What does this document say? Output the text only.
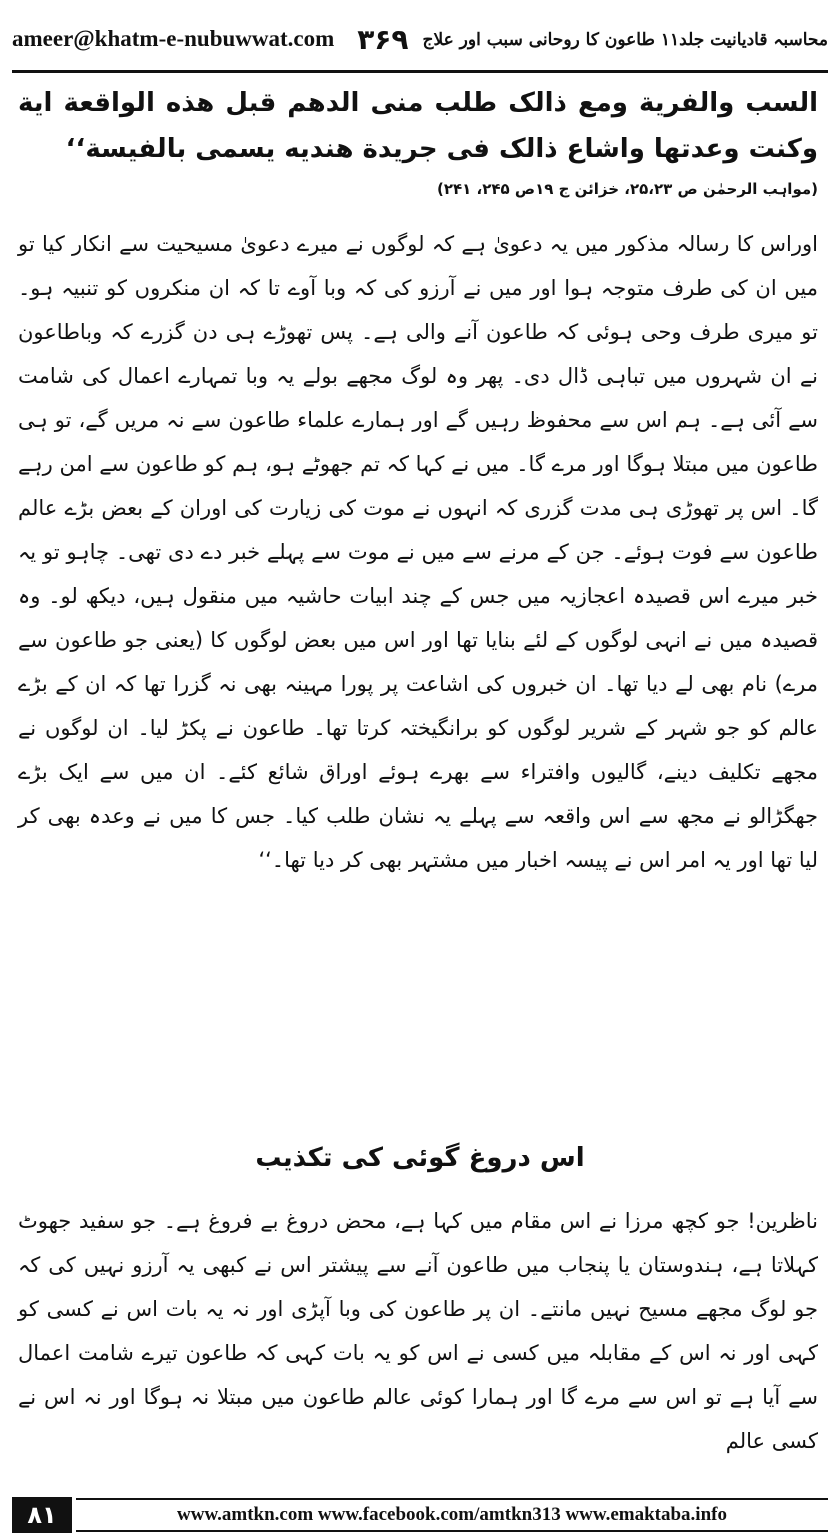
ameer@khatm-e-nubuwwat.com	محاسبہ قادیانیت جلد۱۱ طاعون کا روحانی سبب اور علاج
۳۶۹
السب والفرية ومع ذالک طلب منى الدهم قبل هذه الواقعة اية وكنت وعدتها واشاع ذالک فى جريدة هنديه يسمى بالفيسة‘‘
(مواہب الرحمٰن ص ۲۵،۲۳، خزائن ج ۱۹ص ۲۴۵، ۲۴۱)
اوراس کا رسالہ مذکور میں یہ دعویٰ ہے کہ لوگوں نے میرے دعویٰ مسیحیت سے انکار کیا تو میں ان کی طرف متوجہ ہوا اور میں نے آرزو کی کہ وبا آوے تا کہ ان منکروں کو تنبیہ ہو۔ تو میری طرف وحی ہوئی کہ طاعون آنے والی ہے۔ پس تھوڑے ہی دن گزرے کہ وباطاعون نے ان شہروں میں تباہی ڈال دی۔ پھر وہ لوگ مجھے بولے یہ وبا تمہارے اعمال کی شامت سے آئی ہے۔ ہم اس سے محفوظ رہیں گے اور ہمارے علماء طاعون سے نہ مریں گے، تو ہی طاعون میں مبتلا ہوگا اور مرے گا۔ میں نے کہا کہ تم جھوٹے ہو، ہم کو طاعون سے امن رہے گا۔ اس پر تھوڑی ہی مدت گزری کہ انہوں نے موت کی زیارت کی اوران کے بعض بڑے عالم طاعون سے فوت ہوئے۔ جن کے مرنے سے میں نے موت سے پہلے خبر دے دی تھی۔ چاہو تو یہ خبر میرے اس قصیدہ اعجازیہ میں جس کے چند ابیات حاشیہ میں منقول ہیں، دیکھ لو۔ وہ قصیدہ میں نے انہی لوگوں کے لئے بنایا تھا اور اس میں بعض لوگوں کا (یعنی جو طاعون سے مرے) نام بھی لے دیا تھا۔ ان خبروں کی اشاعت پر پورا مہینہ بھی نہ گزرا تھا کہ ان کے بڑے عالم کو جو شہر کے شریر لوگوں کو برانگیختہ کرتا تھا۔ طاعون نے پکڑ لیا۔ ان لوگوں نے مجھے تکلیف دینے، گالیوں وافتراء سے بھرے ہوئے اوراق شائع کئے۔ ان میں سے ایک بڑے جھگڑالو نے مجھ سے اس واقعہ سے پہلے یہ نشان طلب کیا۔ جس کا میں نے وعدہ بھی کر لیا تھا اور یہ امر اس نے پیسہ اخبار میں مشتہر بھی کر دیا تھا۔‘‘
اس دروغ گوئی کی تکذیب
ناظرین! جو کچھ مرزا نے اس مقام میں کہا ہے، محض دروغ بے فروغ ہے۔ جو سفید جھوٹ کہلاتا ہے، ہندوستان یا پنجاب میں طاعون آنے سے پیشتر اس نے کبھی یہ آرزو نہیں کی کہ جو لوگ مجھے مسیح نہیں مانتے۔ ان پر طاعون کی وبا آپڑی اور نہ یہ بات اس نے کسی کو کہی اور نہ اس کے مقابلہ میں کسی نے اس کو یہ بات کہی کہ طاعون تیرے شامت اعمال سے آیا ہے تو اس سے مرے گا اور ہمارا کوئی عالم طاعون میں مبتلا نہ ہوگا اور نہ اس نے کسی عالم
۸۱	www.amtkn.com www.facebook.com/amtkn313 www.emaktaba.info
